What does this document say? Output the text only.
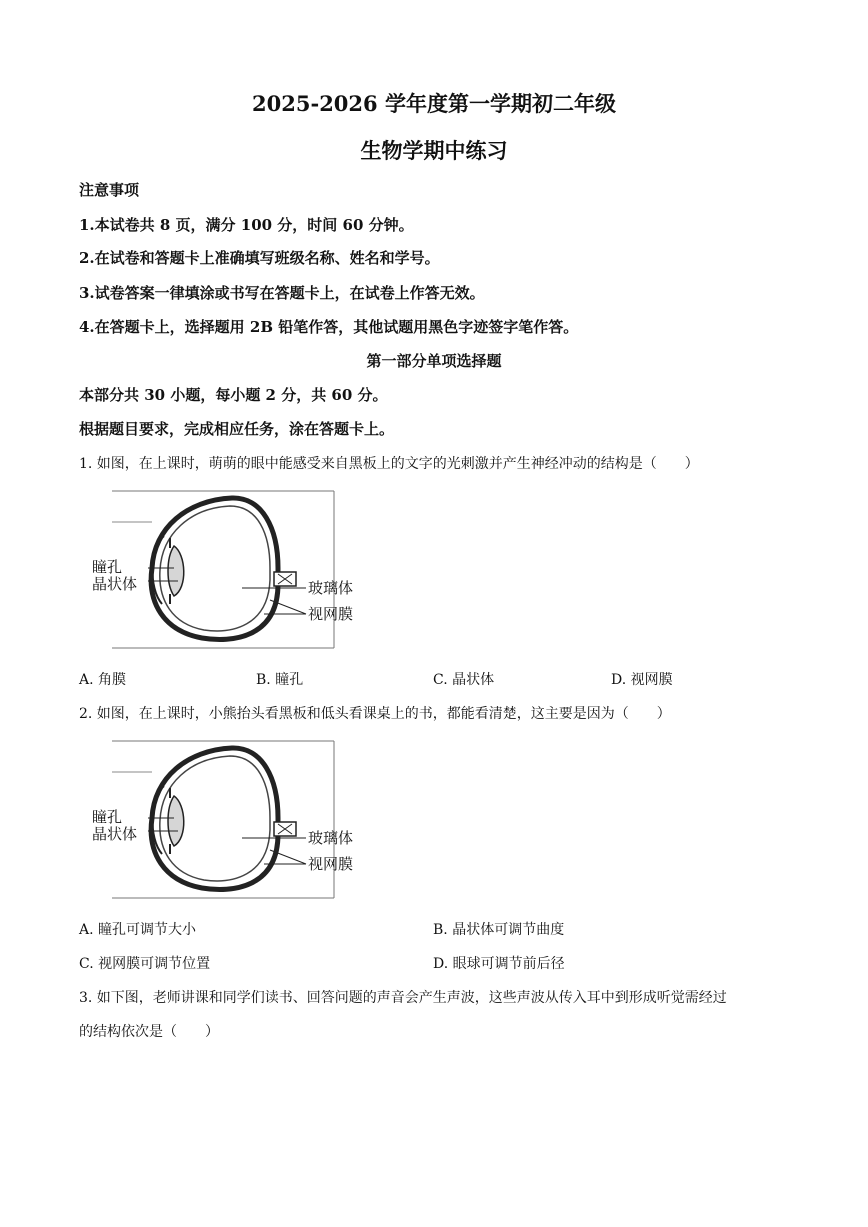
2025-2026 学年度第一学期初二年级
生物学期中练习
注意事项
1.本试卷共 8 页，满分 100 分，时间 60 分钟。
2.在试卷和答题卡上准确填写班级名称、姓名和学号。
3.试卷答案一律填涂或书写在答题卡上，在试卷上作答无效。
4.在答题卡上，选择题用 2B 铅笔作答，其他试题用黑色字迹签字笔作答。
第一部分单项选择题
本部分共 30 小题，每小题 2 分，共 60 分。
根据题目要求，完成相应任务，涂在答题卡上。
1. 如图，在上课时，萌萌的眼中能感受来自黑板上的文字的光刺激并产生神经冲动的结构是（　　）
瞳孔
晶状体	玻璃体
视网膜
A. 角膜	B. 瞳孔	C. 晶状体	D. 视网膜
2. 如图，在上课时，小熊抬头看黑板和低头看课桌上的书，都能看清楚，这主要是因为（　　）
瞳孔
晶状体	玻璃体
视网膜
A. 瞳孔可调节大小	B. 晶状体可调节曲度
C. 视网膜可调节位置	D. 眼球可调节前后径
3. 如下图，老师讲课和同学们读书、回答问题的声音会产生声波，这些声波从传入耳中到形成听觉需经过
的结构依次是（　　）
